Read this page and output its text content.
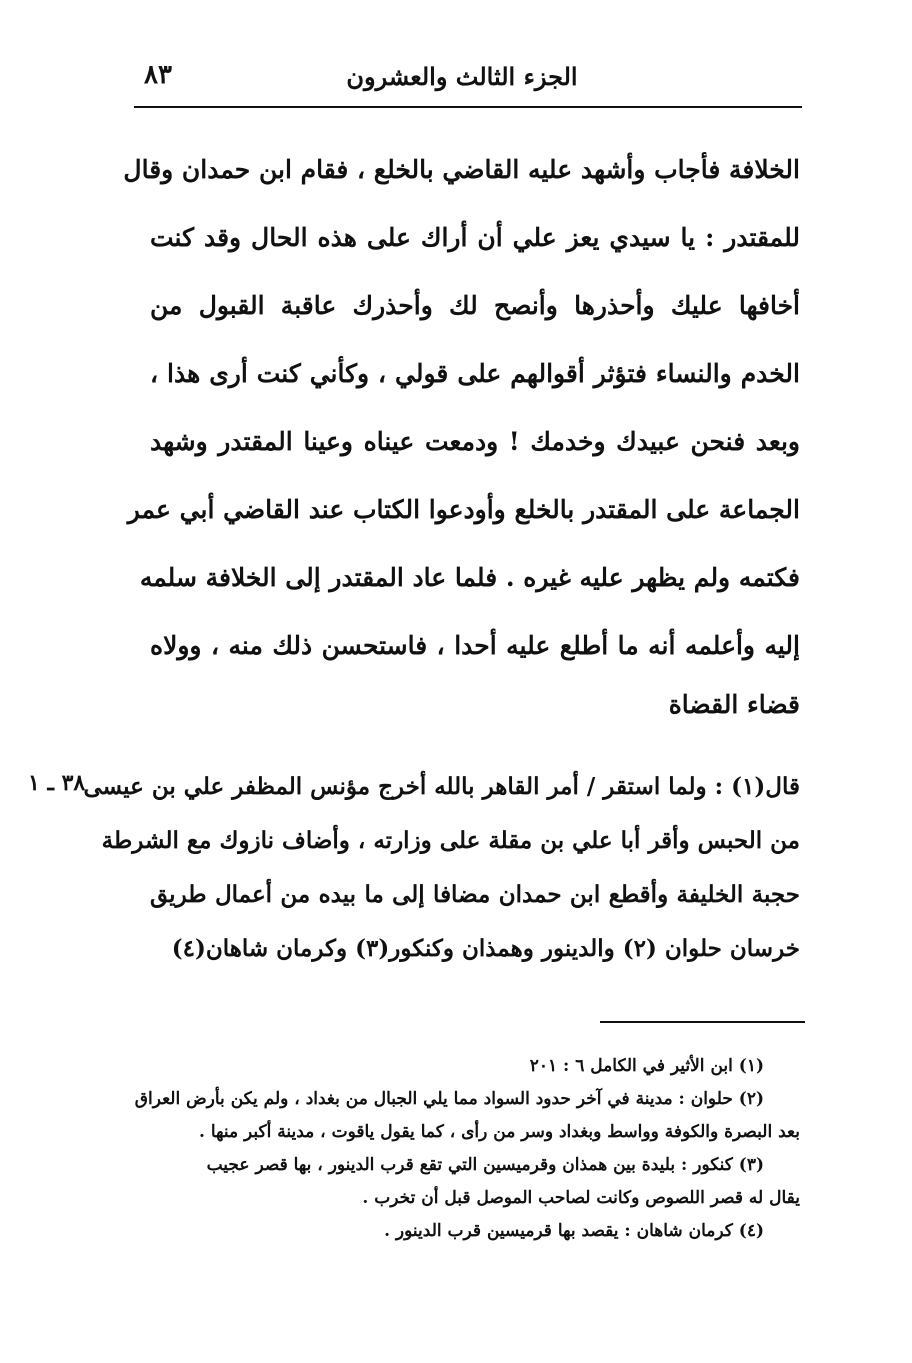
الجزء الثالث والعشرون
٨٣
الخلافة فأجاب وأشهد عليه القاضي بالخلع ، فقام ابن حمدان وقال
للمقتدر : يا سيدي يعز علي أن أراك على هذه الحال وقد كنت
أخافها عليك وأحذرها وأنصح لك وأحذرك عاقبة القبول من
الخدم والنساء فتؤثر أقوالهم على قولي ، وكأني كنت أرى هذا ،
وبعد فنحن عبيدك وخدمك ! ودمعت عيناه وعينا المقتدر وشهد
الجماعة على المقتدر بالخلع وأودعوا الكتاب عند القاضي أبي عمر
فكتمه ولم يظهر عليه غيره . فلما عاد المقتدر إلى الخلافة سلمه
إليه وأعلمه أنه ما أطلع عليه أحدا ، فاستحسن ذلك منه ، وولاه
قضاء القضاة
٣٨ ـ ١
قال(١) : ولما استقر / أمر القاهر بالله أخرج مؤنس المظفر علي بن عيسى
من الحبس وأقر أبا علي بن مقلة على وزارته ، وأضاف نازوك مع الشرطة
حجبة الخليفة وأقطع ابن حمدان مضافا إلى ما بيده من أعمال طريق
خرسان حلوان (٢) والدينور وهمذان وكنكور(٣) وكرمان شاهان(٤)
(١) ابن الأثير في الكامل ٦ : ٢٠١
(٢) حلوان : مدينة في آخر حدود السواد مما يلي الجبال من بغداد ، ولم يكن بأرض العراق
بعد البصرة والكوفة وواسط وبغداد وسر من رأى ، كما يقول ياقوت ، مدينة أكبر منها .
(٣) كنكور : بليدة بين همذان وقرميسين التي تقع قرب الدينور ، بها قصر عجيب
يقال له قصر اللصوص وكانت لصاحب الموصل قبل أن تخرب .
(٤) كرمان شاهان : يقصد بها قرميسين قرب الدينور .
